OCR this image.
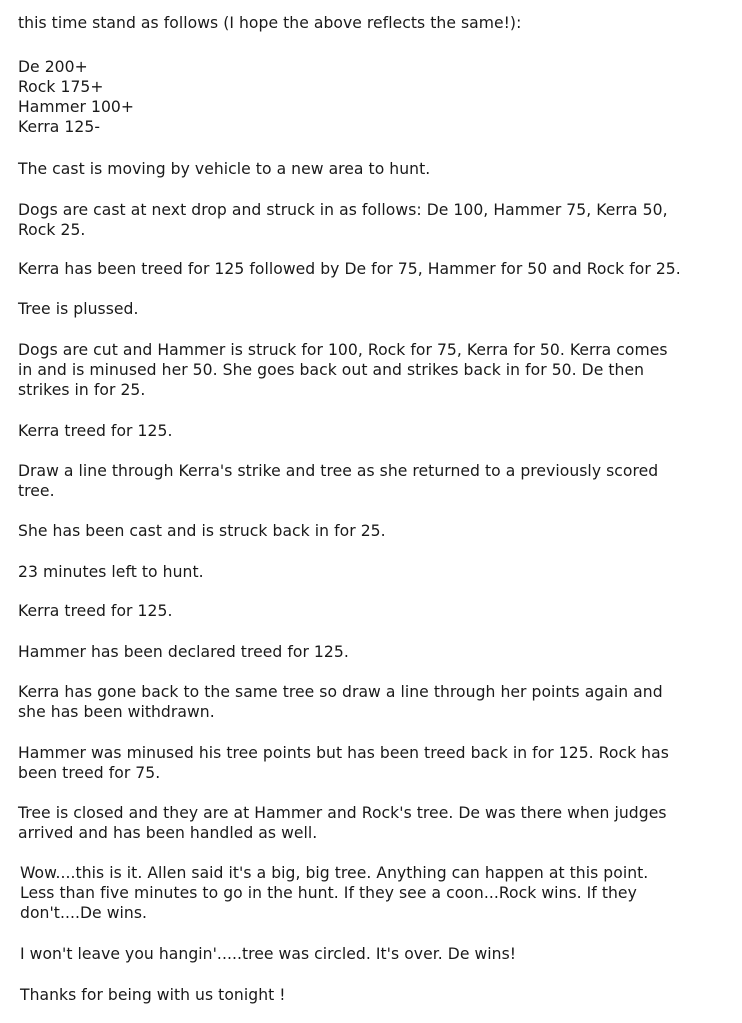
this time stand as follows (I hope the above reflects the same!):
De 200+
Rock 175+
Hammer 100+
Kerra 125-
The cast is moving by vehicle to a new area to hunt.
Dogs are cast at next drop and struck in as follows: De 100, Hammer 75, Kerra 50,
Rock 25.
Kerra has been treed for 125 followed by De for 75, Hammer for 50 and Rock for 25.
Tree is plussed.
Dogs are cut and Hammer is struck for 100, Rock for 75, Kerra for 50. Kerra comes
in and is minused her 50. She goes back out and strikes back in for 50. De then
strikes in for 25.
Kerra treed for 125.
Draw a line through Kerra's strike and tree as she returned to a previously scored
tree.
She has been cast and is struck back in for 25.
23 minutes left to hunt.
Kerra treed for 125.
Hammer has been declared treed for 125.
Kerra has gone back to the same tree so draw a line through her points again and
she has been withdrawn.
Hammer was minused his tree points but has been treed back in for 125. Rock has
been treed for 75.
Tree is closed and they are at Hammer and Rock's tree. De was there when judges
arrived and has been handled as well.
Wow....this is it. Allen said it's a big, big tree. Anything can happen at this point.
Less than five minutes to go in the hunt. If they see a coon...Rock wins. If they
don't....De wins.
I won't leave you hangin'.....tree was circled. It's over. De wins!
Thanks for being with us tonight !
